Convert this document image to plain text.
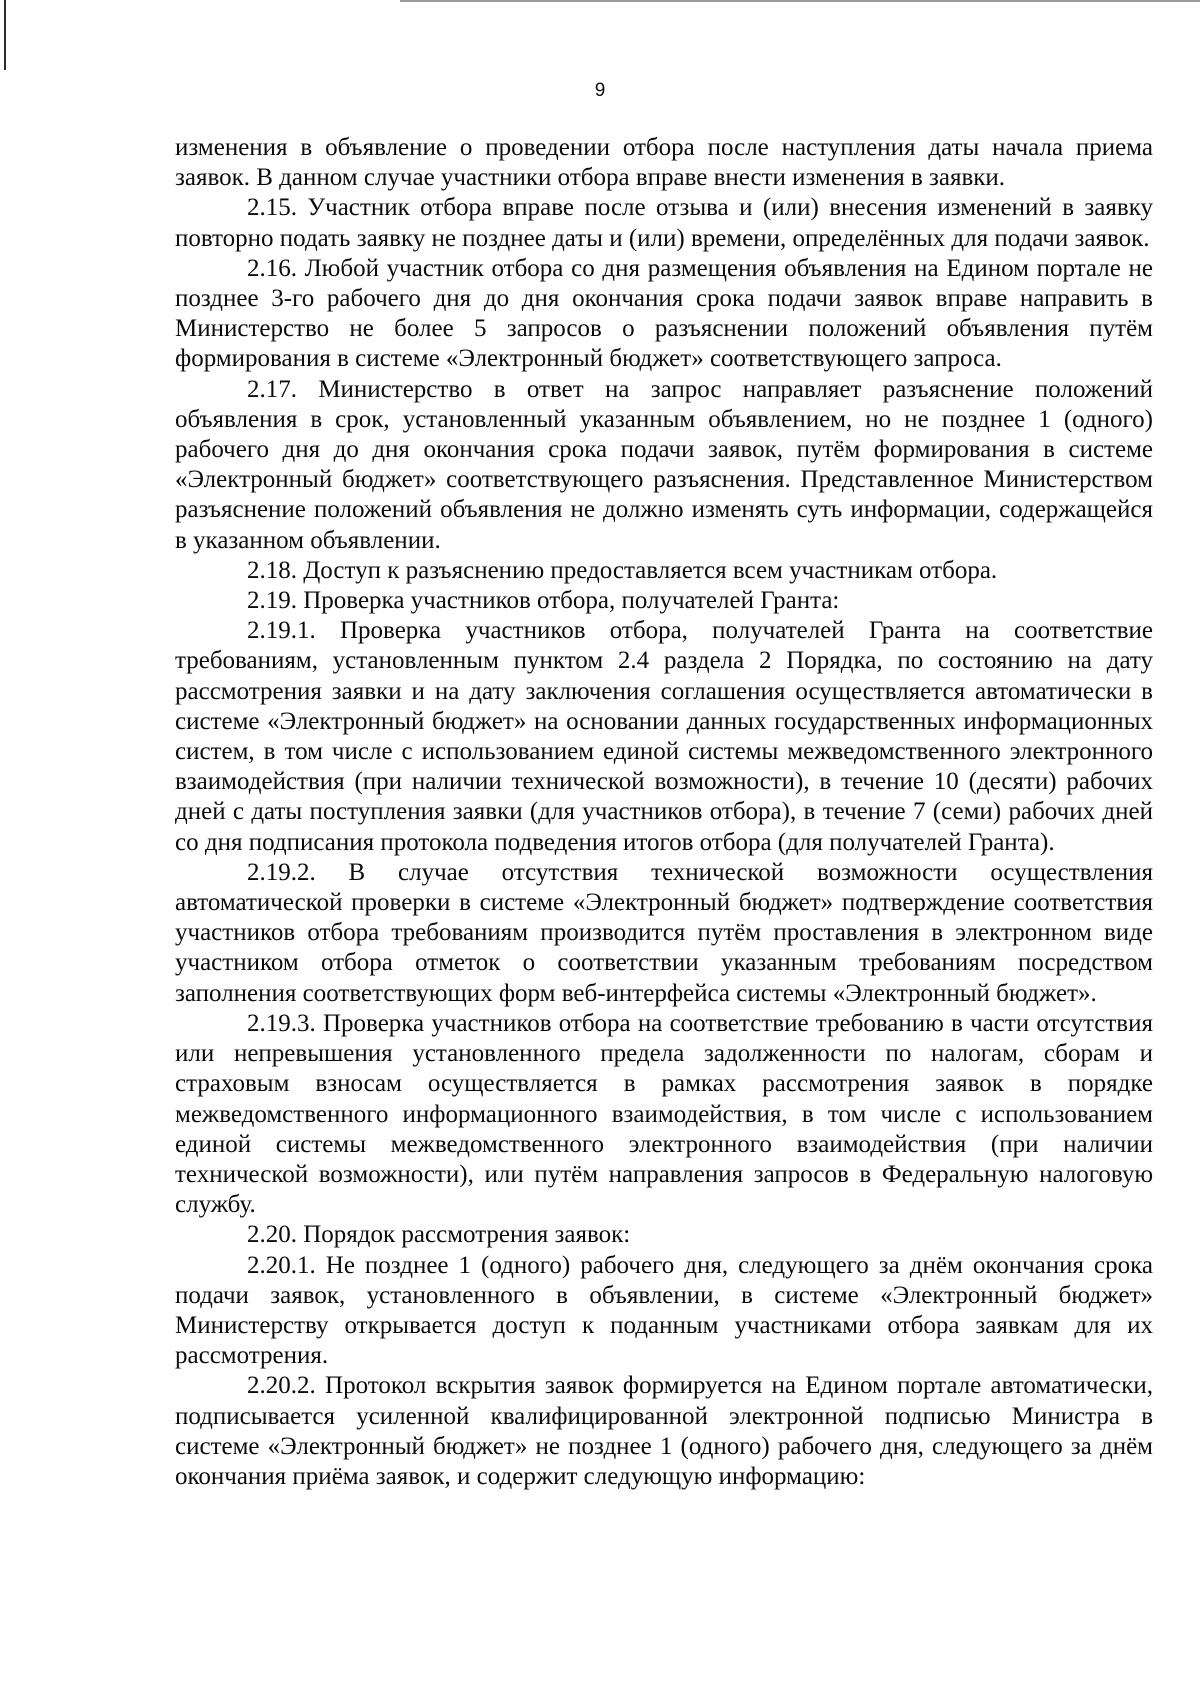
9

изменения в объявление о проведении отбора после наступления даты начала приема заявок. В данном случае участники отбора вправе внести изменения в заявки.

2.15. Участник отбора вправе после отзыва и (или) внесения изменений в заявку повторно подать заявку не позднее даты и (или) времени, определённых для подачи заявок.

2.16. Любой участник отбора со дня размещения объявления на Едином портале не позднее 3-го рабочего дня до дня окончания срока подачи заявок вправе направить в Министерство не более 5 запросов о разъяснении положений объявления путём формирования в системе «Электронный бюджет» соответствующего запроса.

2.17. Министерство в ответ на запрос направляет разъяснение положений объявления в срок, установленный указанным объявлением, но не позднее 1 (одного) рабочего дня до дня окончания срока подачи заявок, путём формирования в системе «Электронный бюджет» соответствующего разъяснения. Представленное Министерством разъяснение положений объявления не должно изменять суть информации, содержащейся в указанном объявлении.

2.18. Доступ к разъяснению предоставляется всем участникам отбора.

2.19. Проверка участников отбора, получателей Гранта:

2.19.1. Проверка участников отбора, получателей Гранта на соответствие требованиям, установленным пунктом 2.4 раздела 2 Порядка, по состоянию на дату рассмотрения заявки и на дату заключения соглашения осуществляется автоматически в системе «Электронный бюджет» на основании данных государственных информационных систем, в том числе с использованием единой системы межведомственного электронного взаимодействия (при наличии технической возможности), в течение 10 (десяти) рабочих дней с даты поступления заявки (для участников отбора), в течение 7 (семи) рабочих дней со дня подписания протокола подведения итогов отбора (для получателей Гранта).

2.19.2. В случае отсутствия технической возможности осуществления автоматической проверки в системе «Электронный бюджет» подтверждение соответствия участников отбора требованиям производится путём проставления в электронном виде участником отбора отметок о соответствии указанным требованиям посредством заполнения соответствующих форм веб-интерфейса системы «Электронный бюджет».

2.19.3. Проверка участников отбора на соответствие требованию в части отсутствия или непревышения установленного предела задолженности по налогам, сборам и страховым взносам осуществляется в рамках рассмотрения заявок в порядке межведомственного информационного взаимодействия, в том числе с использованием единой системы межведомственного электронного взаимодействия (при наличии технической возможности), или путём направления запросов в Федеральную налоговую службу.

2.20. Порядок рассмотрения заявок:

2.20.1. Не позднее 1 (одного) рабочего дня, следующего за днём окончания срока подачи заявок, установленного в объявлении, в системе «Электронный бюджет» Министерству открывается доступ к поданным участниками отбора заявкам для их рассмотрения.

2.20.2. Протокол вскрытия заявок формируется на Едином портале автоматически, подписывается усиленной квалифицированной электронной подписью Министра в системе «Электронный бюджет» не позднее 1 (одного) рабочего дня, следующего за днём окончания приёма заявок, и содержит следующую информацию:
